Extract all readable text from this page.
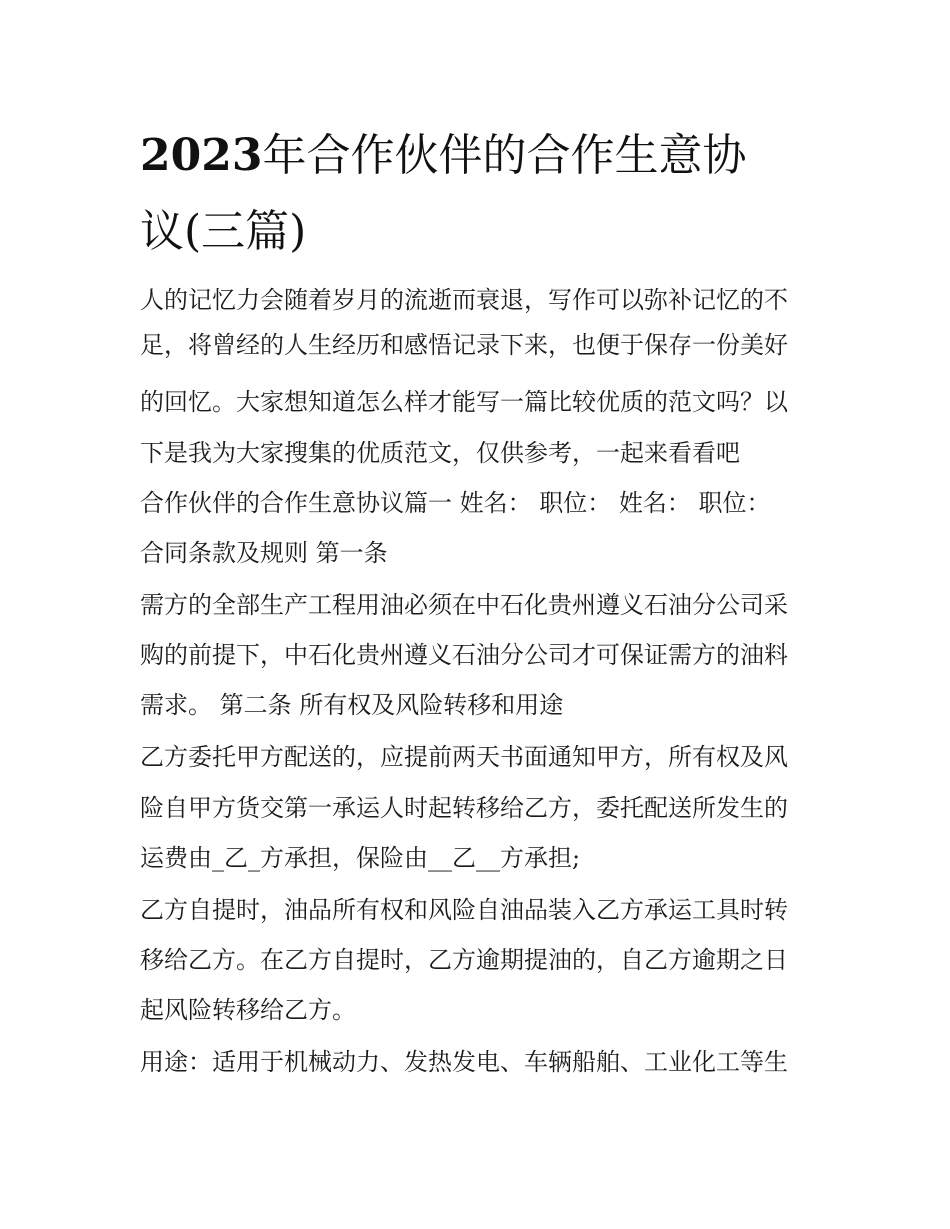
2023年合作伙伴的合作生意协
议(三篇)

人的记忆力会随着岁月的流逝而衰退，写作可以弥补记忆的不

足，将曾经的人生经历和感悟记录下来，也便于保存一份美好

的回忆。大家想知道怎么样才能写一篇比较优质的范文吗？以

下是我为大家搜集的优质范文，仅供参考，一起来看看吧

合作伙伴的合作生意协议篇一 姓名： 职位： 姓名： 职位：

合同条款及规则 第一条

需方的全部生产工程用油必须在中石化贵州遵义石油分公司采

购的前提下，中石化贵州遵义石油分公司才可保证需方的油料

需求。 第二条 所有权及风险转移和用途

乙方委托甲方配送的，应提前两天书面通知甲方，所有权及风

险自甲方货交第一承运人时起转移给乙方，委托配送所发生的

运费由_乙_方承担，保险由__乙__方承担;

乙方自提时，油品所有权和风险自油品装入乙方承运工具时转

移给乙方。在乙方自提时，乙方逾期提油的，自乙方逾期之日

起风险转移给乙方。

用途：适用于机械动力、发热发电、车辆船舶、工业化工等生
